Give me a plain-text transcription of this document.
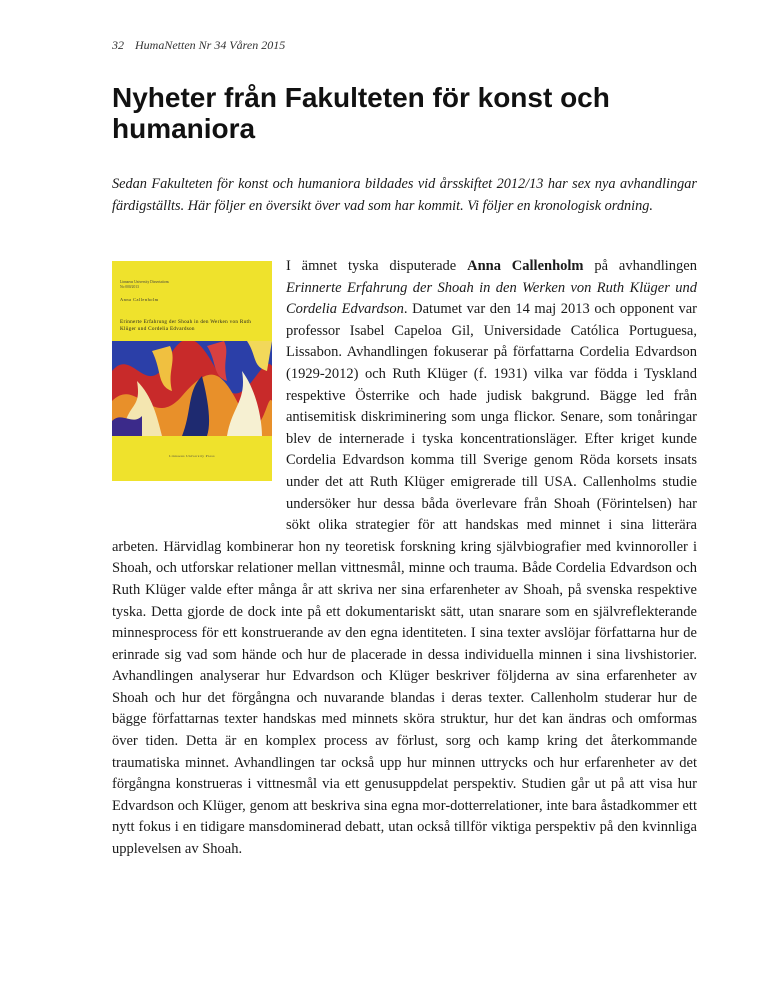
32 HumaNetten Nr 34 Våren 2015
Nyheter från Fakulteten för konst och humaniora

Sedan Fakulteten för konst och humaniora bildades vid årsskiftet 2012/13 har sex nya avhandlingar färdigställts. Här följer en översikt över vad som har kommit. Vi följer en kronologisk ordning.

Linnaeus University Dissertations
No 000/2013
Anna Callenholm
Erinnerte Erfahrung der Shoah in den Werken von Ruth Klüger und Cordelia Edvardson
Linnaeus University Press

I ämnet tyska disputerade Anna Callenholm på avhandlingen Erinnerte Erfahrung der Shoah in den Werken von Ruth Klüger und Cordelia Edvardson. Datumet var den 14 maj 2013 och opponent var professor Isabel Capeloa Gil, Universidade Católica Portuguesa, Lissabon. Avhandlingen fokuserar på författarna Cordelia Edvardson (1929-2012) och Ruth Klüger (f. 1931) vilka var födda i Tyskland respektive Österrike och hade judisk bakgrund. Bägge led från antisemitisk diskriminering som unga flickor. Senare, som tonåringar blev de internerade i tyska koncentrationsläger. Efter kriget kunde Cordelia Edvardson komma till Sverige genom Röda korsets insats under det att Ruth Klüger emigrerade till USA. Callenholms studie undersöker hur dessa båda överlevare från Shoah (Förintelsen) har sökt olika strategier för att handskas med minnet i sina litterära arbeten. Härvidlag kombinerar hon ny teoretisk forskning kring självbiografier med kvinnoroller i Shoah, och utforskar relationer mellan vittnesmål, minne och trauma. Både Cordelia Edvardson och Ruth Klüger valde efter många år att skriva ner sina erfarenheter av Shoah, på svenska respektive tyska. Detta gjorde de dock inte på ett dokumentariskt sätt, utan snarare som en självreflekterande minnesprocess för ett konstruerande av den egna identiteten. I sina texter avslöjar författarna hur de erinrade sig vad som hände och hur de placerade in dessa individuella minnen i sina livshistorier. Avhandlingen analyserar hur Edvardson och Klüger beskriver följderna av sina erfarenheter av Shoah och hur det förgångna och nuvarande blandas i deras texter. Callenholm studerar hur de bägge författarnas texter handskas med minnets sköra struktur, hur det kan ändras och omformas över tiden. Detta är en komplex process av förlust, sorg och kamp kring det återkommande traumatiska minnet. Avhandlingen tar också upp hur minnen uttrycks och hur erfarenheter av det förgångna konstrueras i vittnesmål via ett genusuppdelat perspektiv. Studien går ut på att visa hur Edvardson och Klüger, genom att beskriva sina egna mor-dotterrelationer, inte bara åstadkommer ett nytt fokus i en tidigare mansdominerad debatt, utan också tillför viktiga perspektiv på den kvinnliga upplevelsen av Shoah.
